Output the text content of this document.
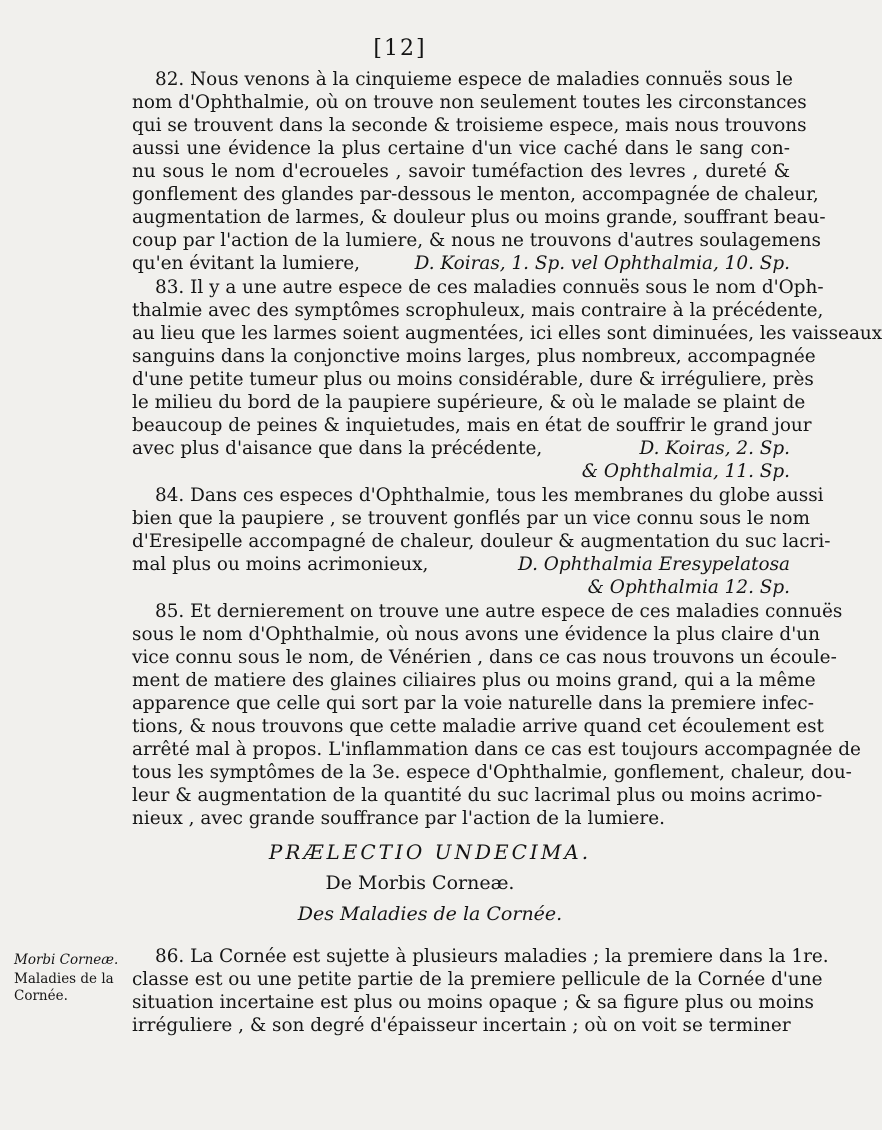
[12]
82. Nous venons à la cinquieme espece de maladies connuës sous le
nom d'Ophthalmie, où on trouve non seulement toutes les circonstances
qui se trouvent dans la seconde & troisieme espece, mais nous trouvons
aussi une évidence la plus certaine d'un vice caché dans le sang con-
nu sous le nom d'ecroueles , savoir tuméfaction des levres , dureté &
gonflement des glandes par-dessous le menton, accompagnée de chaleur,
augmentation de larmes, & douleur plus ou moins grande, souffrant beau-
coup par l'action de la lumiere, & nous ne trouvons d'autres soulagemens
qu'en évitant la lumiere,	D. Koiras, 1. Sp. vel Ophthalmia, 10. Sp.
83. Il y a une autre espece de ces maladies connuës sous le nom d'Oph-
thalmie avec des symptômes scrophuleux, mais contraire à la précédente,
au lieu que les larmes soient augmentées, ici elles sont diminuées, les vaisseaux
sanguins dans la conjonctive moins larges, plus nombreux, accompagnée
d'une petite tumeur plus ou moins considérable, dure & irréguliere, près
le milieu du bord de la paupiere supérieure, & où le malade se plaint de
beaucoup de peines & inquietudes, mais en état de souffrir le grand jour
avec plus d'aisance que dans la précédente,	D. Koiras, 2. Sp.
& Ophthalmia, 11. Sp.
84. Dans ces especes d'Ophthalmie, tous les membranes du globe aussi
bien que la paupiere , se trouvent gonflés par un vice connu sous le nom
d'Eresipelle accompagné de chaleur, douleur & augmentation du suc lacri-
mal plus ou moins acrimonieux,	D. Ophthalmia Eresypelatosa
& Ophthalmia 12. Sp.
85. Et dernierement on trouve une autre espece de ces maladies connuës
sous le nom d'Ophthalmie, où nous avons une évidence la plus claire d'un
vice connu sous le nom, de Vénérien , dans ce cas nous trouvons un écoule-
ment de matiere des glaines ciliaires plus ou moins grand, qui a la même
apparence que celle qui sort par la voie naturelle dans la premiere infec-
tions, & nous trouvons que cette maladie arrive quand cet écoulement est
arrêté mal à propos. L'inflammation dans ce cas est toujours accompagnée de
tous les symptômes de la 3e. espece d'Ophthalmie, gonflement, chaleur, dou-
leur & augmentation de la quantité du suc lacrimal plus ou moins acrimo-
nieux , avec grande souffrance par l'action de la lumiere.
PRÆLECTIO UNDECIMA.
De Morbis Corneæ.
Des Maladies de la Cornée.
86. La Cornée est sujette à plusieurs maladies ; la premiere dans la 1re.
classe est ou une petite partie de la premiere pellicule de la Cornée d'une
situation incertaine est plus ou moins opaque ; & sa figure plus ou moins
irréguliere , & son degré d'épaisseur incertain ; où on voit se terminer
Morbi Corneæ.
Maladies de la
Cornée.
